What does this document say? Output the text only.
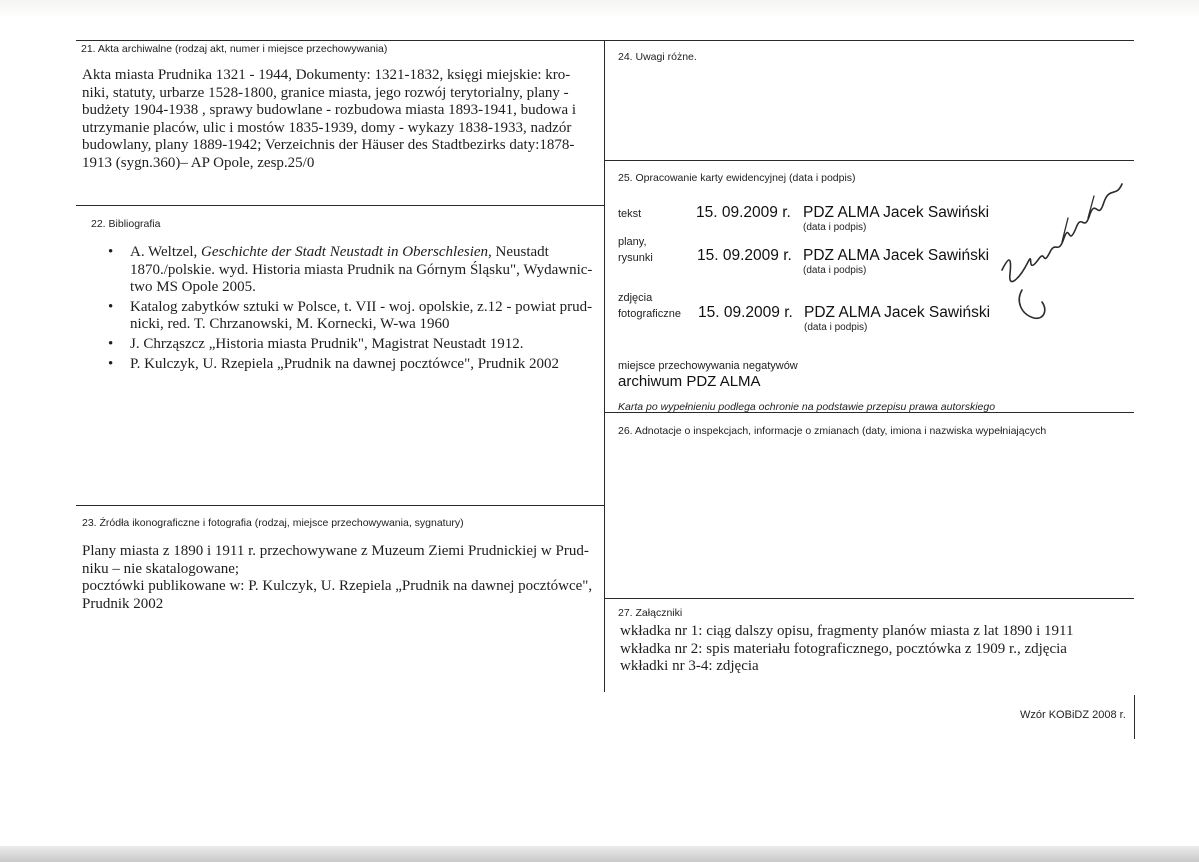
21. Akta archiwalne (rodzaj akt, numer i miejsce przechowywania)
Akta miasta Prudnika 1321 - 1944, Dokumenty: 1321-1832, księgi miejskie: kro-
niki, statuty, urbarze 1528-1800, granice miasta, jego rozwój terytorialny, plany -
budżety 1904-1938 , sprawy budowlane - rozbudowa miasta 1893-1941, budowa i
utrzymanie placów, ulic i mostów 1835-1939, domy - wykazy 1838-1933, nadzór
budowlany, plany 1889-1942; Verzeichnis der Häuser des Stadtbezirks daty:1878-
1913 (sygn.360)– AP Opole, zesp.25/0
22. Bibliografia
• A. Weltzel, Geschichte der Stadt Neustadt in Oberschlesien, Neustadt
1870./polskie. wyd. Historia miasta Prudnik na Górnym Śląsku", Wydawnic-
two MS Opole 2005.
• Katalog zabytków sztuki w Polsce, t. VII - woj. opolskie, z.12 - powiat prud-
nicki, red. T. Chrzanowski, M. Kornecki, W-wa 1960
• J. Chrząszcz „Historia miasta Prudnik", Magistrat Neustadt 1912.
• P. Kulczyk, U. Rzepiela „Prudnik na dawnej pocztówce", Prudnik 2002
23. Źródła ikonograficzne i fotografia (rodzaj, miejsce przechowywania, sygnatury)
Plany miasta z 1890 i 1911 r. przechowywane z Muzeum Ziemi Prudnickiej w Prud-
niku – nie skatalogowane;
pocztówki publikowane w: P. Kulczyk, U. Rzepiela „Prudnik na dawnej pocztówce",
Prudnik 2002
24. Uwagi różne.
25. Opracowanie karty ewidencyjnej (data i podpis)
tekst	15. 09.2009 r. PDZ ALMA Jacek Sawiński
(data i podpis)
plany,
rysunki	15. 09.2009 r. PDZ ALMA Jacek Sawiński
(data i podpis)
zdjęcia
fotograficzne 15. 09.2009 r. PDZ ALMA Jacek Sawiński
(data i podpis)
miejsce przechowywania negatywów
archiwum PDZ ALMA
Karta po wypełnieniu podlega ochronie na podstawie przepisu prawa autorskiego
26. Adnotacje o inspekcjach, informacje o zmianach (daty, imiona i nazwiska wypełniających
27. Załączniki
wkładka nr 1: ciąg dalszy opisu, fragmenty planów miasta z lat 1890 i 1911
wkładka nr 2: spis materiału fotograficznego, pocztówka z 1909 r., zdjęcia
wkładki nr 3-4: zdjęcia
Wzór KOBiDZ 2008 r.
